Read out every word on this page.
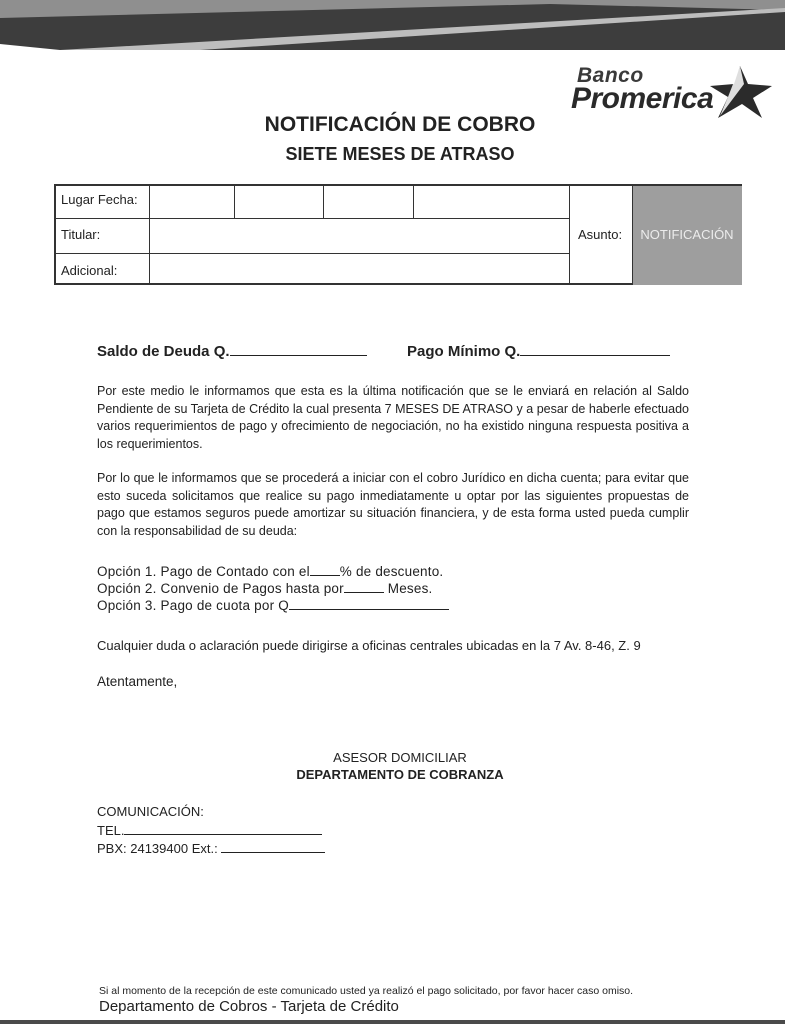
Banco
Promerica
NOTIFICACIÓN DE COBRO
SIETE MESES DE ATRASO
Lugar Fecha:
Titular:
Adicional:
Asunto:	NOTIFICACIÓN
Saldo de Deuda Q.	Pago Mínimo Q.
Por este medio le informamos que esta es la última notificación que se le enviará en relación al Saldo Pendiente de su Tarjeta de Crédito la cual presenta 7 MESES DE ATRASO y a pesar de haberle efectuado varios requerimientos de pago y ofrecimiento de negociación, no ha existido ninguna respuesta positiva a los requerimientos.
Por lo que le informamos que se procederá a iniciar con el cobro Jurídico en dicha cuenta; para evitar que esto suceda solicitamos que realice su pago inmediatamente u optar por las siguientes propuestas de pago que estamos seguros puede amortizar su situación financiera, y de esta forma usted pueda cumplir con la responsabilidad de su deuda:
Opción 1. Pago de Contado con el % de descuento.
Opción 2. Convenio de Pagos hasta por	Meses.
Opción 3. Pago de cuota por Q
Cualquier duda o aclaración puede dirigirse a oficinas centrales ubicadas en la 7 Av. 8-46, Z. 9
Atentamente,
ASESOR DOMICILIAR
DEPARTAMENTO DE COBRANZA
COMUNICACIÓN:
TEL.
PBX: 24139400 Ext.:
Si al momento de la recepción de este comunicado usted ya realizó el pago solicitado, por favor hacer caso omiso.
Departamento de Cobros - Tarjeta de Crédito
